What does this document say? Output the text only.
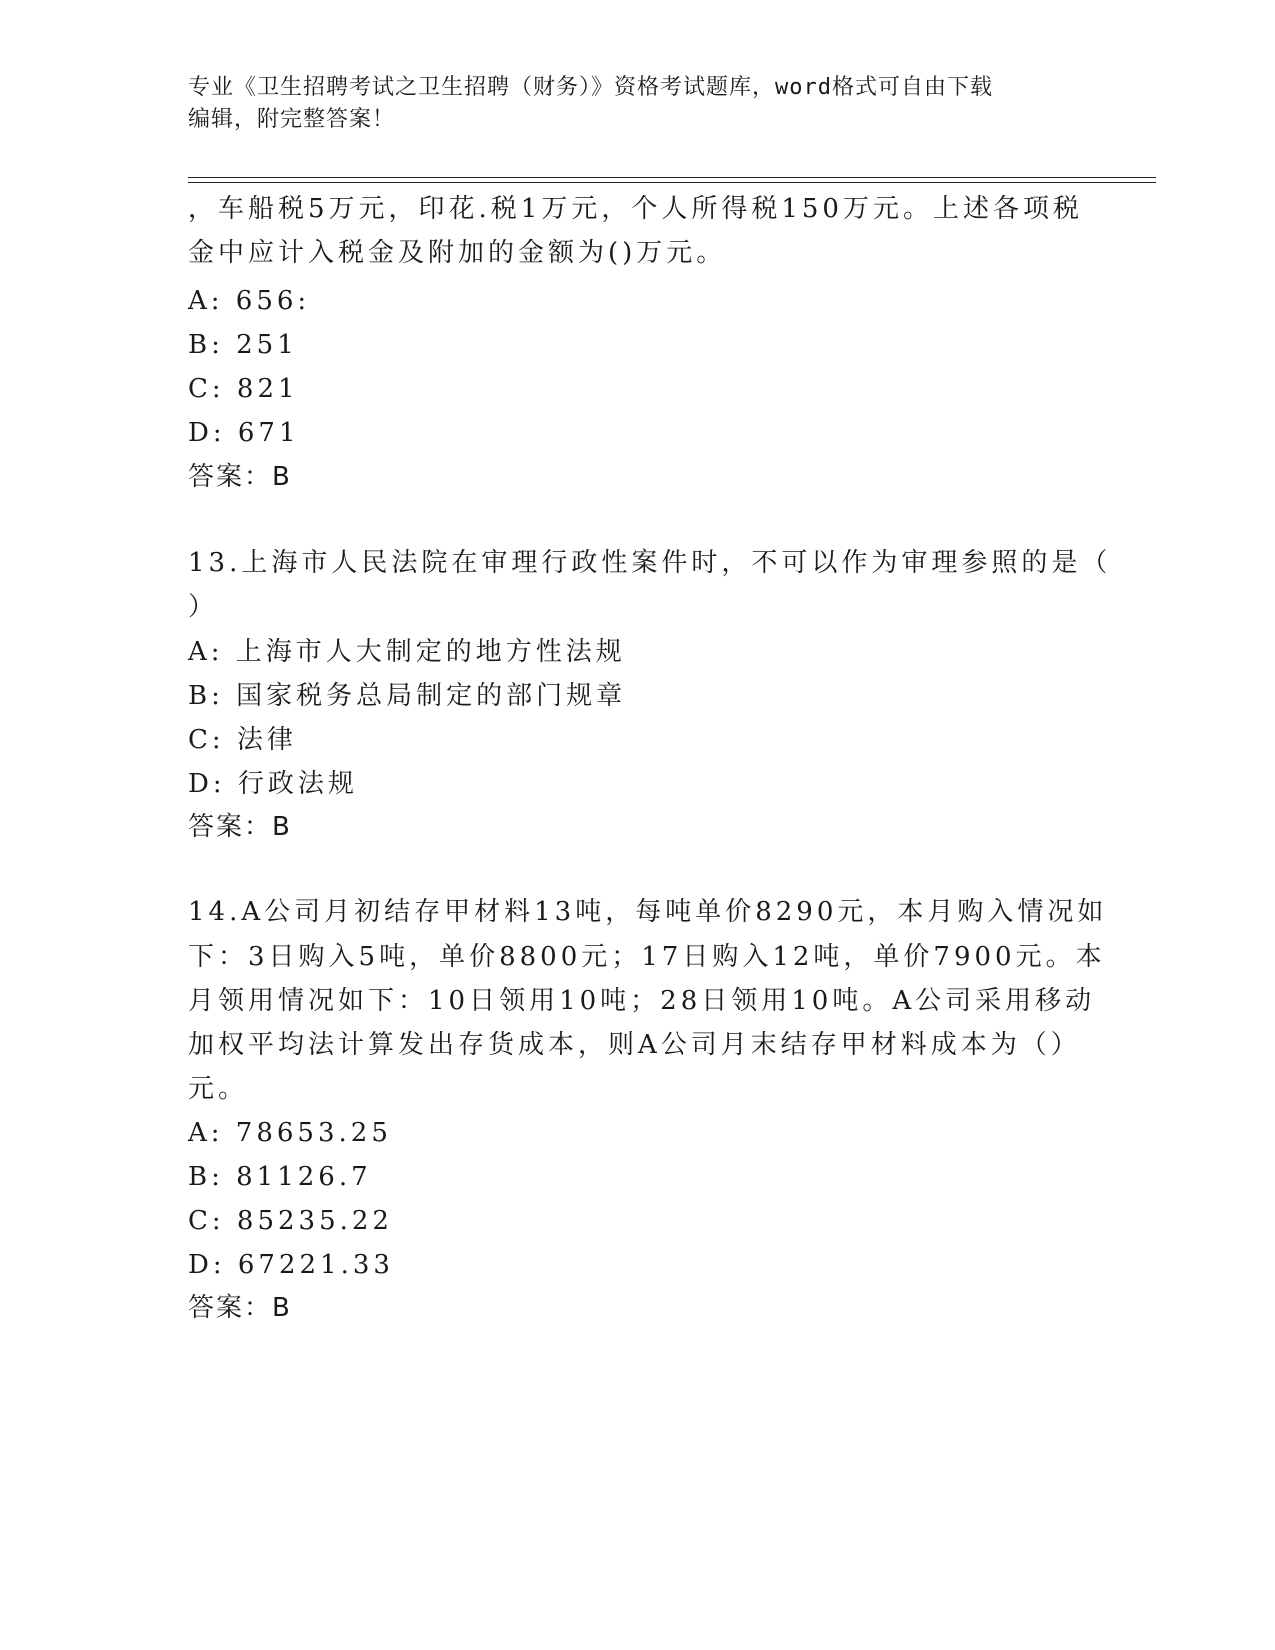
专业《卫生招聘考试之卫生招聘（财务）》资格考试题库，word格式可自由下载
编辑，附完整答案！
，车船税5万元，印花.税1万元，个人所得税150万元。上述各项税
金中应计入税金及附加的金额为()万元。
A: 656:
B: 251
C: 821
D: 671
答案：B
13.上海市人民法院在审理行政性案件时，不可以作为审理参照的是（
）
A: 上海市人大制定的地方性法规
B: 国家税务总局制定的部门规章
C: 法律
D: 行政法规
答案：B
14.A公司月初结存甲材料13吨，每吨单价8290元，本月购入情况如
下：3日购入5吨，单价8800元；17日购入12吨，单价7900元。本
月领用情况如下：10日领用10吨；28日领用10吨。A公司采用移动
加权平均法计算发出存货成本，则A公司月末结存甲材料成本为（）
元。
A: 78653.25
B: 81126.7
C: 85235.22
D: 67221.33
答案：B
